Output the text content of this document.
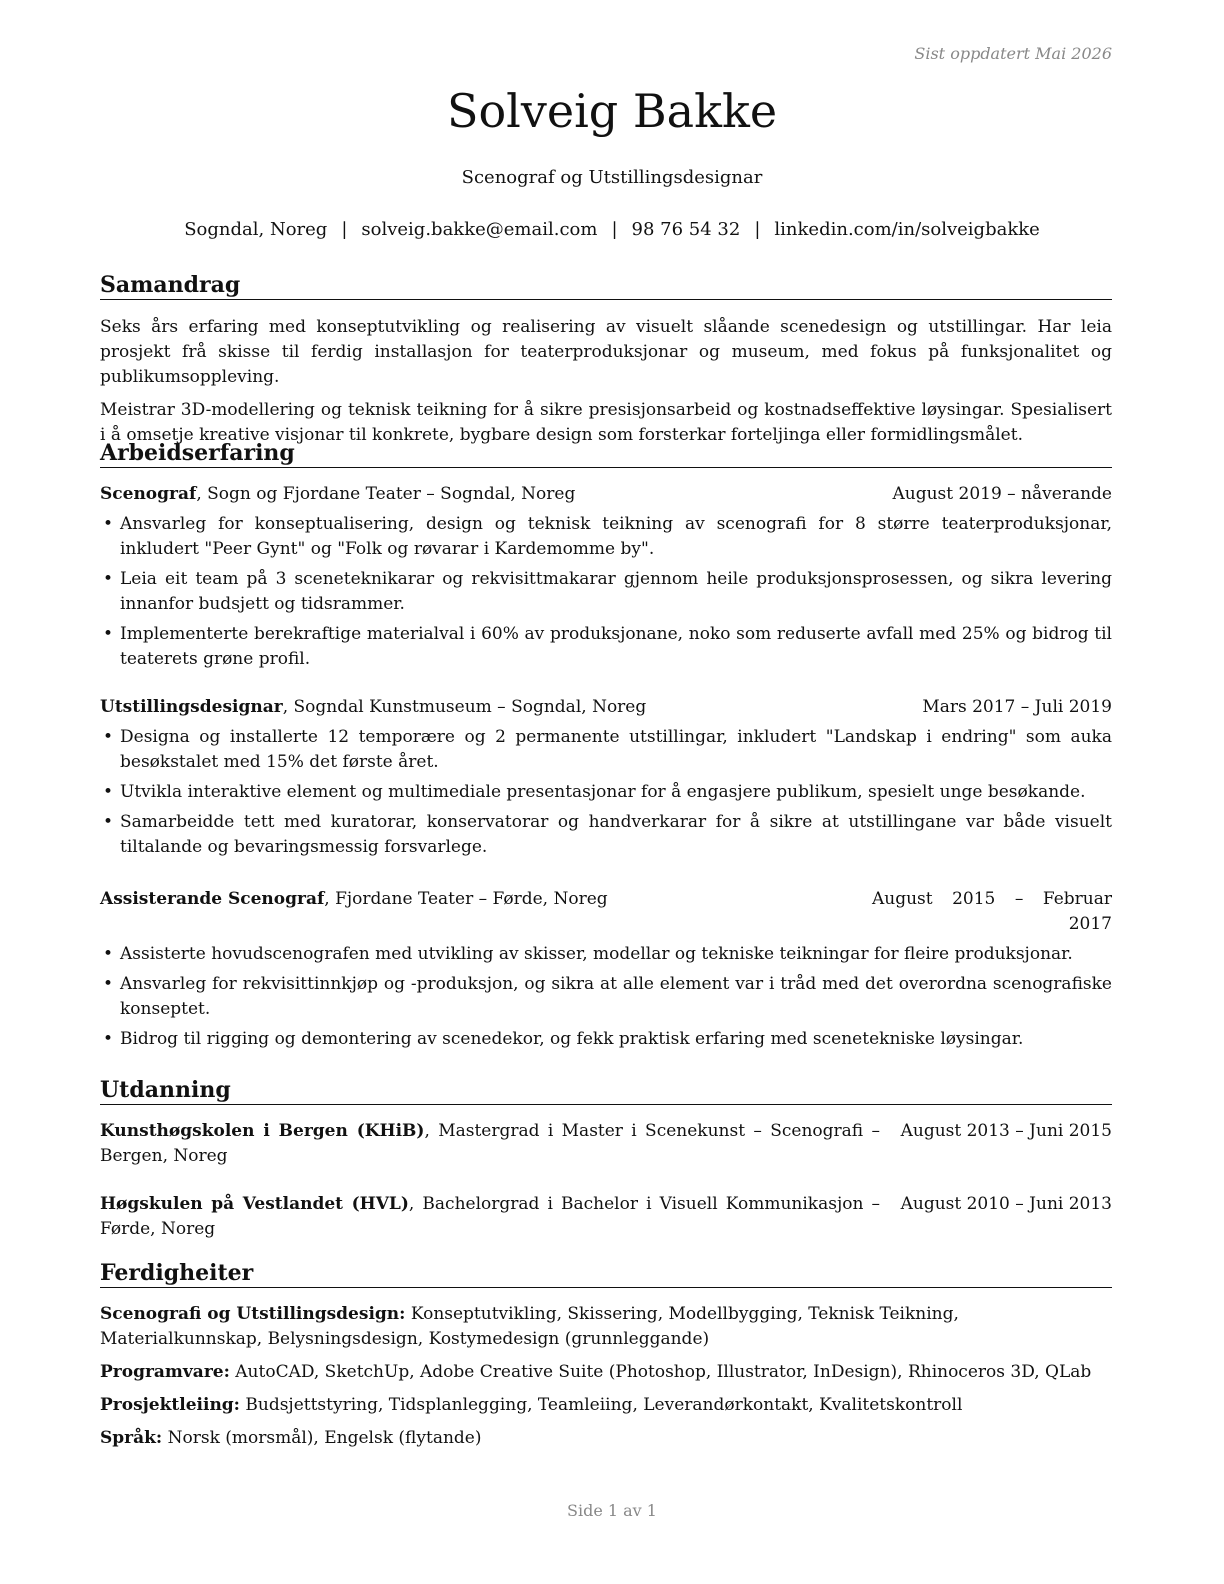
Sist oppdatert Mai 2026
Solveig Bakke
Scenograf og Utstillingsdesignar
Sogndal, Noreg | solveig.bakke@email.com | 98 76 54 32 | linkedin.com/in/solveigbakke
Samandrag

Seks års erfaring med konseptutvikling og realisering av visuelt slåande scenedesign og utstillingar. Har leia prosjekt frå skisse til ferdig installasjon for teaterproduksjonar og museum, med fokus på funksjonalitet og publikumsoppleving.

Meistrar 3D-modellering og teknisk teikning for å sikre presisjonsarbeid og kostnadseffektive løysingar. Spesialisert i å omsetje kreative visjonar til konkrete, bygbare design som forsterkar forteljinga eller formidlingsmålet.

Arbeidserfaring
Scenograf, Sogn og Fjordane Teater – Sogndal, Noreg	August 2019 – nåverande
• Ansvarleg for konseptualisering, design og teknisk teikning av scenografi for 8 større teaterproduksjonar, inkludert "Peer Gynt" og "Folk og røvarar i Kardemomme by".
• Leia eit team på 3 sceneteknikarar og rekvisittmakarar gjennom heile produksjonsprosessen, og sikra levering innanfor budsjett og tidsrammer.
• Implementerte berekraftige materialval i 60% av produksjonane, noko som reduserte avfall med 25% og bidrog til teaterets grøne profil.
Utstillingsdesignar, Sogndal Kunstmuseum – Sogndal, Noreg	Mars 2017 – Juli 2019
• Designa og installerte 12 temporære og 2 permanente utstillingar, inkludert "Landskap i endring" som auka besøkstalet med 15% det første året.
• Utvikla interaktive element og multimediale presentasjonar for å engasjere publikum, spesielt unge besøkande.
• Samarbeidde tett med kuratorar, konservatorar og handverkarar for å sikre at utstillingane var både visuelt tiltalande og bevaringsmessig forsvarlege.
Assisterande Scenograf, Fjordane Teater – Førde, Noreg	August 2015 – Februar 2017
• Assisterte hovudscenografen med utvikling av skisser, modellar og tekniske teikningar for fleire produksjonar.
• Ansvarleg for rekvisittinnkjøp og -produksjon, og sikra at alle element var i tråd med det overordna scenografiske konseptet.
• Bidrog til rigging og demontering av scenedekor, og fekk praktisk erfaring med scenetekniske løysingar.
Utdanning
Kunsthøgskolen i Bergen (KHiB), Mastergrad i Master i Scenekunst – Scenografi – Bergen, Noreg
August 2013 – Juni 2015
Høgskulen på Vestlandet (HVL), Bachelorgrad i Bachelor i Visuell Kommunikasjon – Førde, Noreg
August 2010 – Juni 2013
Ferdigheiter

Scenografi og Utstillingsdesign: Konseptutvikling, Skissering, Modellbygging, Teknisk Teikning, Materialkunnskap, Belysningsdesign, Kostymedesign (grunnleggande)

Programvare: AutoCAD, SketchUp, Adobe Creative Suite (Photoshop, Illustrator, InDesign), Rhinoceros 3D, QLab

Prosjektleiing: Budsjettstyring, Tidsplanlegging, Teamleiing, Leverandørkontakt, Kvalitetskontroll

Språk: Norsk (morsmål), Engelsk (flytande)

Side 1 av 1
